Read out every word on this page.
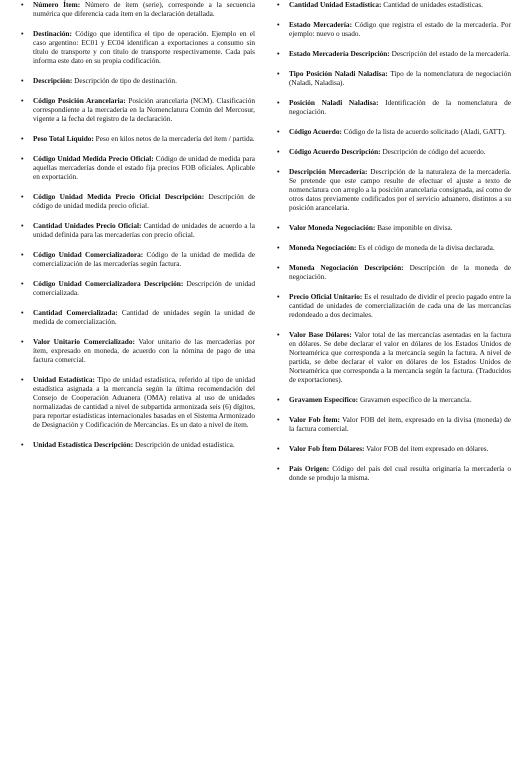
• Número Ítem: Número de ítem (serie), corresponde a la secuencia numérica que diferencia cada ítem en la declaración detallada.
• Destinación: Código que identifica el tipo de operación. Ejemplo en el caso argentino: EC01 y EC04 identifican a exportaciones a consumo sin título de transporte y con título de transporte respectivamente. Cada país informa este dato en su propia codificación.
• Descripción: Descripción de tipo de destinación.
• Código Posición Arancelaria: Posición arancelaria (NCM). Clasificación correspondiente a la mercadería en la Nomenclatura Común del Mercosur, vigente a la fecha del registro de la declaración.
• Peso Total Líquido: Peso en kilos netos de la mercadería del ítem / partida.
• Código Unidad Medida Precio Oficial: Código de unidad de medida para aquellas mercaderías donde el estado fija precios FOB oficiales. Aplicable en exportación.
• Código Unidad Medida Precio Oficial Descripción: Descripción de código de unidad medida precio oficial.
• Cantidad Unidades Precio Oficial: Cantidad de unidades de acuerdo a la unidad definida para las mercaderías con precio oficial.
• Código Unidad Comercializadora: Código de la unidad de medida de comercialización de las mercaderías según factura.
• Código Unidad Comercializadora Descripción: Descripción de unidad comercializada.
• Cantidad Comercializada: Cantidad de unidades según la unidad de medida de comercialización.
• Valor Unitario Comercializado: Valor unitario de las mercaderías por ítem, expresado en moneda, de acuerdo con la nómina de pago de una factura comercial.
• Unidad Estadística: Tipo de unidad estadística, referido al tipo de unidad estadística asignada a la mercancía según la última recomendación del Consejo de Cooperación Aduanera (OMA) relativa al uso de unidades normalizadas de cantidad a nivel de subpartida armonizada seis (6) dígitos, para reportar estadísticas internacionales basadas en el Sistema Armonizado de Designación y Codificación de Mercancías. Es un dato a nivel de ítem.
• Unidad Estadística Descripción: Descripción de unidad estadística.
• Cantidad Unidad Estadística: Cantidad de unidades estadísticas.
• Estado Mercadería: Código que registra el estado de la mercadería. Por ejemplo: nuevo o usado.
• Estado Mercadería Descripción: Descripción del estado de la mercadería.
• Tipo Posición Naladi Naladisa: Tipo de la nomenclatura de negociación (Naladi, Naladisa).
• Posición Naladi Naladisa: Identificación de la nomenclatura de negociación.
• Código Acuerdo: Código de la lista de acuerdo solicitado (Aladi, GATT).
• Código Acuerdo Descripción: Descripción de código del acuerdo.
• Descripción Mercadería: Descripción de la naturaleza de la mercadería. Se pretende que este campo resulte de efectuar el ajuste a texto de nomenclatura con arreglo a la posición arancelaria consignada, así como de otros datos previamente codificados por el servicio aduanero, distintos a su posición arancelaria.
• Valor Moneda Negociación: Base imponible en divisa.
• Moneda Negociación: Es el código de moneda de la divisa declarada.
• Moneda Negociación Descripción: Descripción de la moneda de negociación.
• Precio Oficial Unitario: Es el resultado de dividir el precio pagado entre la cantidad de unidades de comercialización de cada una de las mercancías redondeado a dos decimales.
• Valor Base Dólares: Valor total de las mercancías asentadas en la factura en dólares. Se debe declarar el valor en dólares de los Estados Unidos de Norteamérica que corresponda a la mercancía según la factura. A nivel de partida, se debe declarar el valor en dólares de los Estados Unidos de Norteamérica que corresponda a la mercancía según la factura. (Traducidos de exportaciones).
• Gravamen Específico: Gravamen específico de la mercancía.
• Valor Fob Ítem: Valor FOB del ítem, expresado en la divisa (moneda) de la factura comercial.
• Valor Fob Ítem Dólares: Valor FOB del ítem expresado en dólares.
• País Origen: Código del país del cual resulta originaria la mercadería o donde se produjo la misma.
